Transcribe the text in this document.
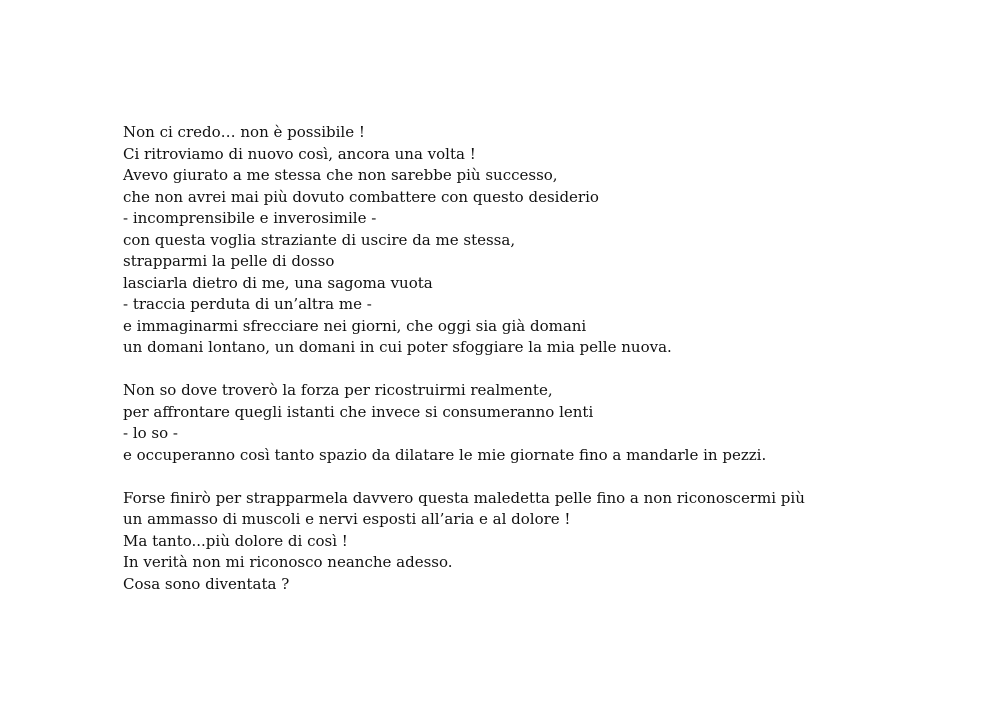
Non ci credo… non è possibile !
Ci ritroviamo di nuovo così, ancora una volta !
Avevo giurato a me stessa che non sarebbe più successo,
che non avrei mai più dovuto combattere con questo desiderio
- incomprensibile e inverosimile -
con questa voglia straziante di uscire da me stessa,
strapparmi la pelle di dosso
lasciarla dietro di me, una sagoma vuota
- traccia perduta di un’altra me -
e immaginarmi sfrecciare nei giorni, che oggi sia già domani
un domani lontano, un domani in cui poter sfoggiare la mia pelle nuova.
Non so dove troverò la forza per ricostruirmi realmente,
per affrontare quegli istanti che invece si consumeranno lenti
- lo so -
e occuperanno così tanto spazio da dilatare le mie giornate fino a mandarle in pezzi.
Forse finirò per strapparmela davvero questa maledetta pelle fino a non riconoscermi più
un ammasso di muscoli e nervi esposti all’aria e al dolore !
Ma tanto...più dolore di così !
In verità non mi riconosco neanche adesso.
Cosa sono diventata ?
